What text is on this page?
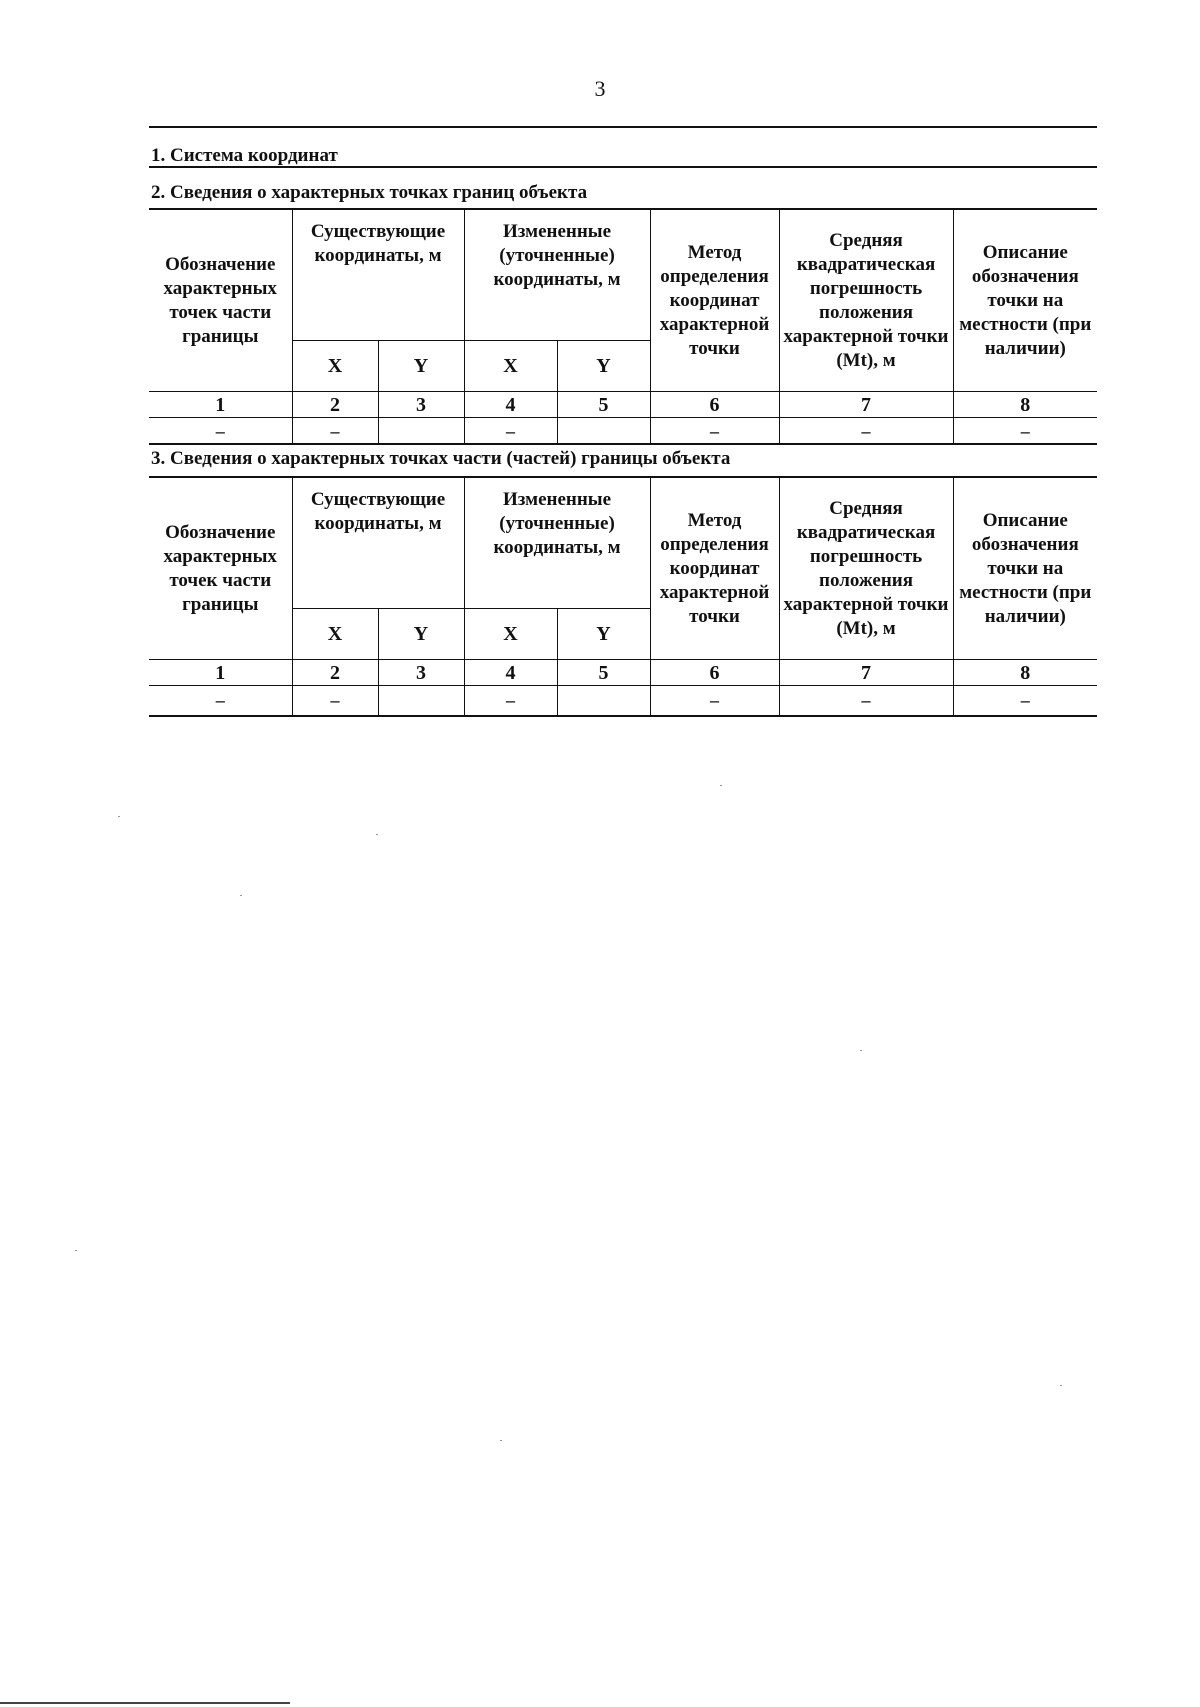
3
1. Система координат
2. Сведения о характерных точках границ объекта
Обозначение характерных точек части границы	Существующие координаты, м		Измененные (уточненные) координаты, м		Метод определения координат характерной точки	Средняя квадратическая погрешность положения характерной точки (Mt), м	Описание обозначения точки на местности (при наличии)
	X	Y	X	Y			
1	2	3	4	5	6	7	8
–	–		–		–	–	–
3. Сведения о характерных точках части (частей) границы объекта
Обозначение характерных точек части границы	Существующие координаты, м		Измененные (уточненные) координаты, м		Метод определения координат характерной точки	Средняя квадратическая погрешность положения характерной точки (Mt), м	Описание обозначения точки на местности (при наличии)
	X	Y	X	Y			
1	2	3	4	5	6	7	8
–	–		–		–	–	–
